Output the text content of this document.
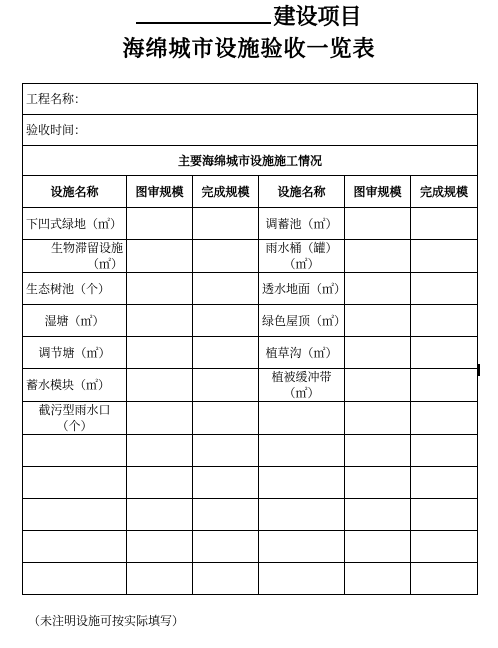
建设项目
海绵城市设施验收一览表
工程名称：					
验收时间：					
主要海绵城市设施施工情况					
设施名称	图审规模	完成规模	设施名称	图审规模	完成规模
下凹式绿地（㎡）			调蓄池（㎡）		
生物滞留设施（㎡）			雨水桶（罐）（㎡）		
生态树池（个）			透水地面（㎡）		
湿塘（㎡）			绿色屋顶（㎡）		
调节塘（㎡）			植草沟（㎡）		
蓄水模块（㎡）			植被缓冲带（㎡）		
截污型雨水口（个）					

（未注明设施可按实际填写）
